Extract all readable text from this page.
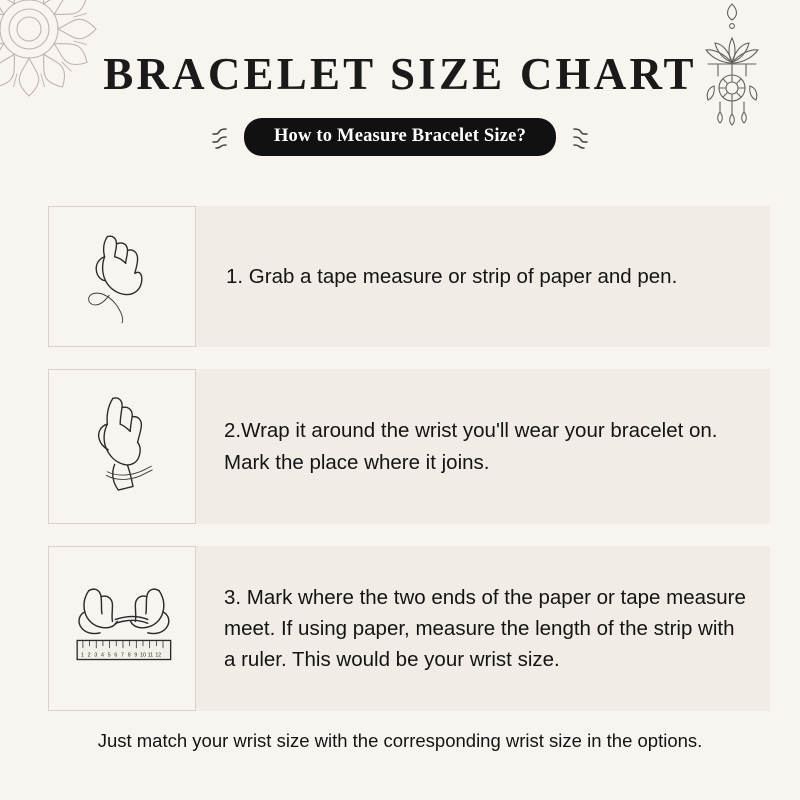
BRACELET SIZE CHART
How to Measure Bracelet Size?
1. Grab a tape measure or strip of paper and pen.
2.Wrap it around the wrist you'll wear your bracelet on. Mark the place where it joins.
1 2 3 4 5 6 7 8 9 10 11 12
3. Mark where the two ends of the paper or tape measure meet. If using paper, measure the length of the strip with a ruler. This would be your wrist size.
Just match your wrist size with the corresponding wrist size in the options.
